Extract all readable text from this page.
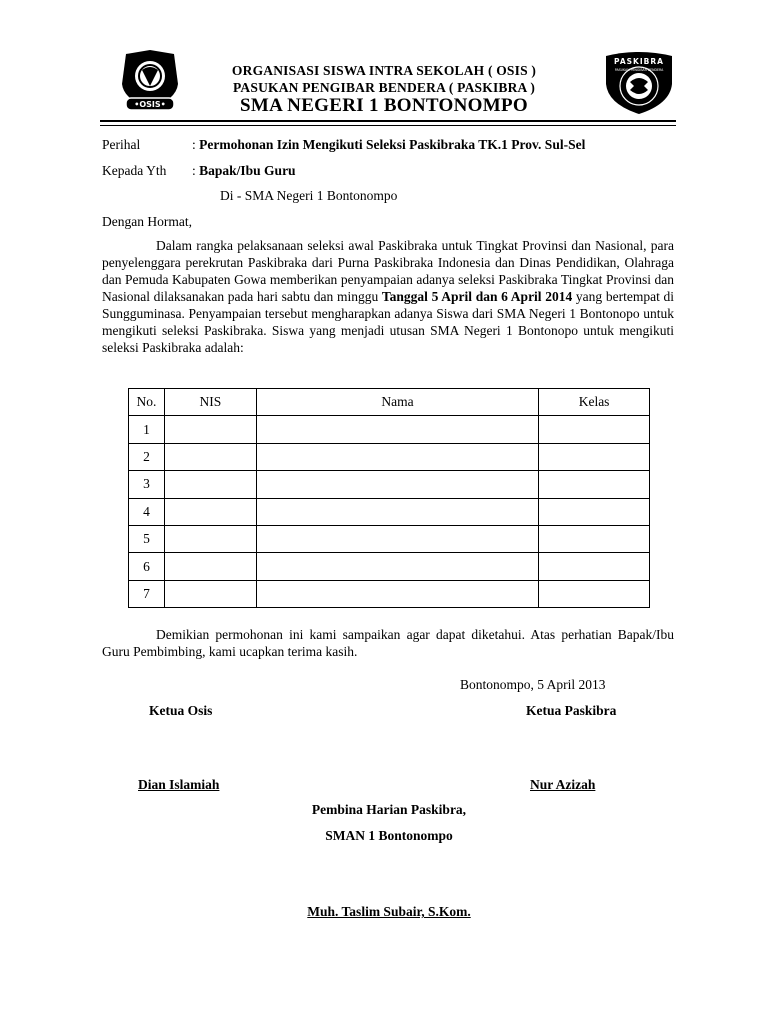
•OSIS•
PASKIBRA
PASUKAN PENGIBAR BENDERA
ORGANISASI SISWA INTRA SEKOLAH ( OSIS )
PASUKAN PENGIBAR BENDERA ( PASKIBRA )
SMA NEGERI 1 BONTONOMPO
Perihal	: Permohonan Izin Mengikuti Seleksi Paskibraka TK.1 Prov. Sul-Sel
Kepada Yth : Bapak/Ibu Guru
Di - SMA Negeri 1 Bontonompo
Dengan Hormat,
Dalam rangka pelaksanaan seleksi awal Paskibraka untuk Tingkat Provinsi dan Nasional, para penyelenggara perekrutan Paskibraka dari Purna Paskibraka Indonesia dan Dinas Pendidikan, Olahraga dan Pemuda Kabupaten Gowa memberikan penyampaian adanya seleksi Paskibraka Tingkat Provinsi dan Nasional dilaksanakan pada hari sabtu dan minggu Tanggal 5 April dan 6 April 2014 yang bertempat di Sungguminasa. Penyampaian tersebut mengharapkan adanya Siswa dari SMA Negeri 1 Bontonopo untuk mengikuti seleksi Paskibraka. Siswa yang menjadi utusan SMA Negeri 1 Bontonopo untuk mengikuti seleksi Paskibraka adalah:
No.	NIS	Nama	Kelas
1			
2			
3			
4			
5			
6			
7			
Demikian permohonan ini kami sampaikan agar dapat diketahui. Atas perhatian Bapak/Ibu Guru Pembimbing, kami ucapkan terima kasih.
Bontonompo, 5 April 2013
Ketua Osis	Ketua Paskibra
Dian Islamiah	Nur Azizah
Pembina Harian Paskibra,
SMAN 1 Bontonompo
Muh. Taslim Subair, S.Kom.
